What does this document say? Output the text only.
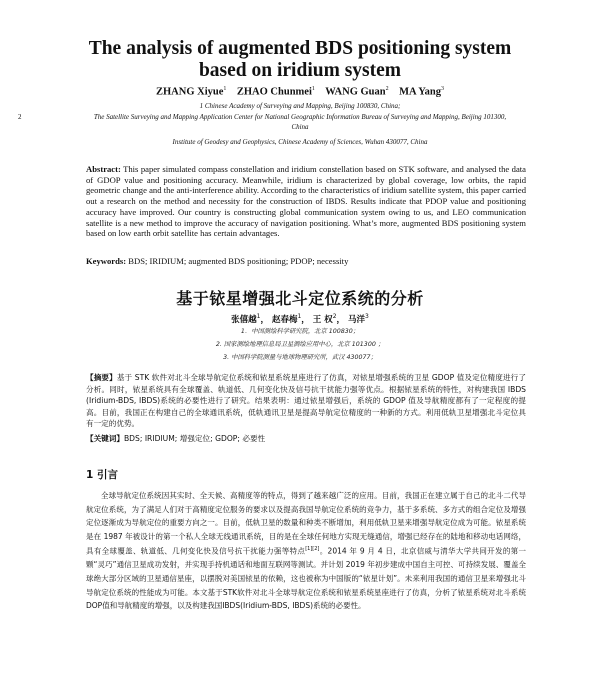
The analysis of augmented BDS positioning system
based on iridium system
ZHANG Xiyue$^1$ ZHAO Chunmei$^1$ WANG Guan$^2$ MA Yang$^3$
1 Chinese Academy of Surveying and Mapping, Beijing 100830, China;
2	The Satellite Surveying and Mapping Application Center for National Geographic Information Bureau of Surveying and Mapping, Beijing 101300, China
Institute of Geodesy and Geophysics, Chinese Academy of Sciences, Wuhan 430077, China
Abstract: This paper simulated compass constellation and iridium constellation based on STK software, and analysed the data of GDOP value and positioning accuracy. Meanwhile, iridium is characterized by global coverage, low orbits, the rapid geometric change and the anti-interference ability. According to the characteristics of iridium satellite system, this paper carried out a research on the method and necessity for the construction of IBDS. Results indicate that PDOP value and positioning accuracy have improved. Our country is constructing global communication system owing to us, and LEO communication satellite is a new method to improve the accuracy of navigation positioning. What’s more, augmented BDS positioning system based on low earth orbit satellite has certain advantages.
Keywords: BDS; IRIDIUM; augmented BDS positioning; PDOP; necessity
基于铱星增强北斗定位系统的分析
张僖越$^1$， 赵春梅$^1$， 王 权$^2$， 马洋$^3$
1．中国测绘科学研究院，北京 100830；
2. 国家测绘地理信息局卫星测绘应用中心，北京 101300 ；
3. 中国科学院测量与地球物理研究所，武汉 430077；
【摘要】基于 STK 软件对北斗全球导航定位系统和铱星系统星座进行了仿真，对铱星增强系统的卫星 GDOP 值及定位精度进行了分析。同时，铱星系统具有全球覆盖、轨道低、几何变化快及信号抗干扰能力强等优点。根据铱星系统的特性，对构建我国 IBDS (Iridium-BDS, IBDS)系统的必要性进行了研究。结果表明：通过铱星增强后，系统的 GDOP 值及导航精度都有了一定程度的提高。目前，我国正在构建自己的全球通讯系统，低轨通讯卫星是提高导航定位精度的一种新的方式。利用低轨卫星增强北斗定位具有一定的优势。
【关键词】BDS; IRIDIUM; 增强定位; GDOP; 必要性
1 引言

全球导航定位系统因其实时、全天候、高精度等的特点，得到了越来越广泛的应用。目前，我国正在建立属于自己的北斗二代导航定位系统，为了满足人们对于高精度定位服务的要求以及提高我国导航定位系统的竞争力，基于多系统、多方式的组合定位及增强定位逐渐成为导航定位的重要方向之一。目前，低轨卫星的数量和种类不断增加，利用低轨卫星来增强导航定位成为可能。铱星系统是在 1987 年被设计的第一个私人全球无线通讯系统，目的是在全球任何地方实现无缝通信，增强已经存在的陆地和移动电话网络，具有全球覆盖、轨道低、几何变化快及信号抗干扰能力强等特点[1][2]。2014 年 9 月 4 日，北京信威与清华大学共同开发的第一颗“灵巧”通信卫星成功发射，并实现手持机通话和地面互联网等测试。并计划 2019 年初步建成中国自主可控、可持续发展、覆盖全球绝大部分区域的卫星通信星座，以摆脱对美国铱星的依赖，这也被称为中国版的“铱星计划”。未来利用我国的通信卫星来增强北斗导航定位系统的性能成为可能。本文基于STK软件对北斗全球导航定位系统和铱星系统星座进行了仿真，分析了铱星系统对北斗系统DOP值和导航精度的增强，以及构建我国IBDS(Iridium-BDS, IBDS)系统的必要性。
